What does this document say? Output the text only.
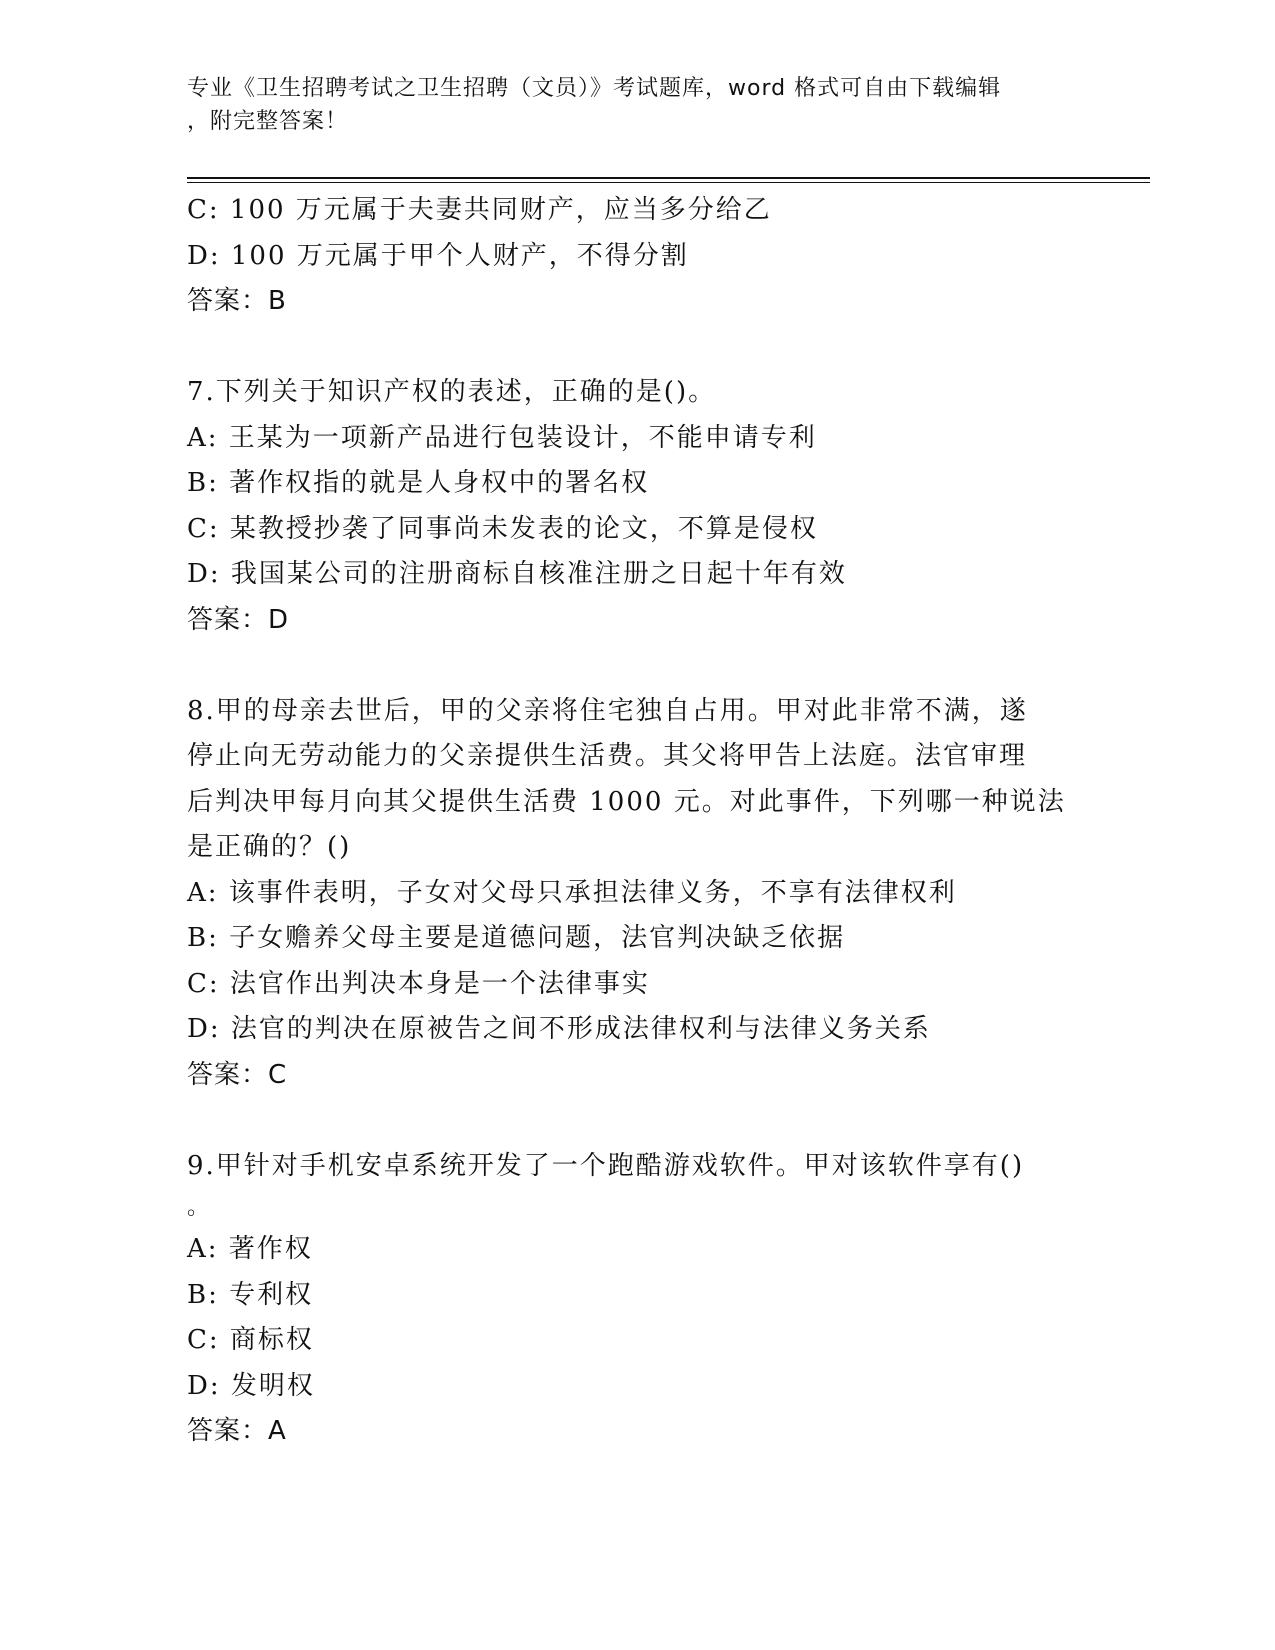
专业《卫生招聘考试之卫生招聘（文员）》考试题库，word 格式可自由下载编辑
，附完整答案！
C: 100 万元属于夫妻共同财产，应当多分给乙
D: 100 万元属于甲个人财产，不得分割
答案：B
7.下列关于知识产权的表述，正确的是()。
A: 王某为一项新产品进行包装设计，不能申请专利
B: 著作权指的就是人身权中的署名权
C: 某教授抄袭了同事尚未发表的论文，不算是侵权
D: 我国某公司的注册商标自核准注册之日起十年有效
答案：D
8.甲的母亲去世后，甲的父亲将住宅独自占用。甲对此非常不满，遂
停止向无劳动能力的父亲提供生活费。其父将甲告上法庭。法官审理
后判决甲每月向其父提供生活费 1000 元。对此事件，下列哪一种说法
是正确的？()
A: 该事件表明，子女对父母只承担法律义务，不享有法律权利
B: 子女赡养父母主要是道德问题，法官判决缺乏依据
C: 法官作出判决本身是一个法律事实
D: 法官的判决在原被告之间不形成法律权利与法律义务关系
答案：C
9.甲针对手机安卓系统开发了一个跑酷游戏软件。甲对该软件享有()
。
A: 著作权
B: 专利权
C: 商标权
D: 发明权
答案：A
